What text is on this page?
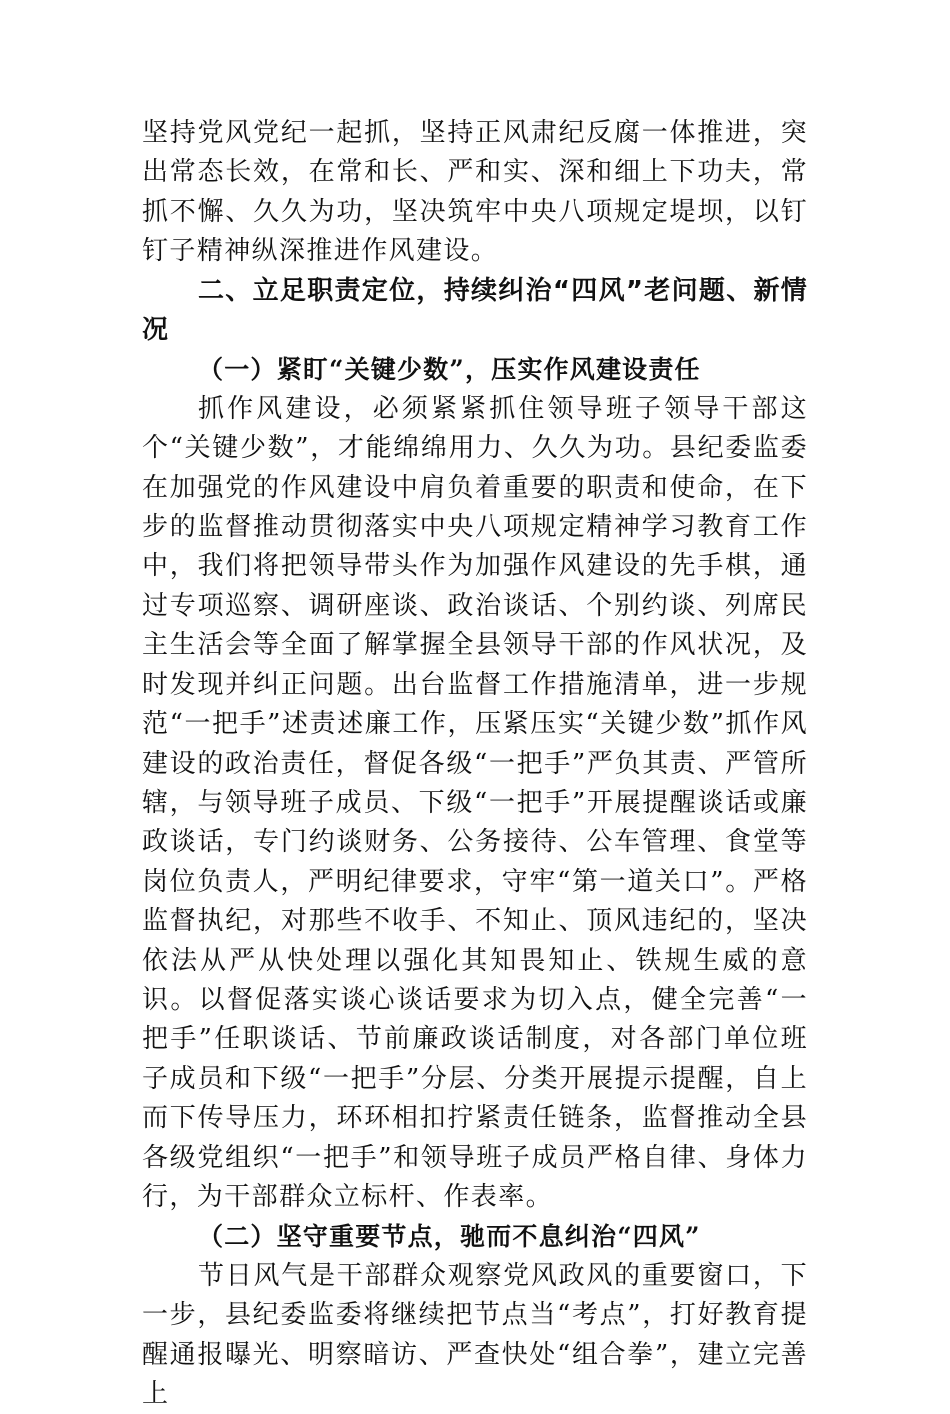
坚持党风党纪一起抓，坚持正风肃纪反腐一体推进，突出常态长效，在常和长、严和实、深和细上下功夫，常抓不懈、久久为功，坚决筑牢中央八项规定堤坝，以钉钉子精神纵深推进作风建设。

二、立足职责定位，持续纠治“四风”老问题、新情况

（一）紧盯“关键少数”，压实作风建设责任

抓作风建设，必须紧紧抓住领导班子领导干部这个“关键少数”，才能绵绵用力、久久为功。县纪委监委在加强党的作风建设中肩负着重要的职责和使命，在下步的监督推动贯彻落实中央八项规定精神学习教育工作中，我们将把领导带头作为加强作风建设的先手棋，通过专项巡察、调研座谈、政治谈话、个别约谈、列席民主生活会等全面了解掌握全县领导干部的作风状况，及时发现并纠正问题。出台监督工作措施清单，进一步规范“一把手”述责述廉工作，压紧压实“关键少数”抓作风建设的政治责任，督促各级“一把手”严负其责、严管所辖，与领导班子成员、下级“一把手”开展提醒谈话或廉政谈话，专门约谈财务、公务接待、公车管理、食堂等岗位负责人，严明纪律要求，守牢“第一道关口”。严格监督执纪，对那些不收手、不知止、顶风违纪的，坚决依法从严从快处理以强化其知畏知止、铁规生威的意识。以督促落实谈心谈话要求为切入点，健全完善“一把手”任职谈话、节前廉政谈话制度，对各部门单位班子成员和下级“一把手”分层、分类开展提示提醒，自上而下传导压力，环环相扣拧紧责任链条，监督推动全县各级党组织“一把手”和领导班子成员严格自律、身体力行，为干部群众立标杆、作表率。

（二）坚守重要节点，驰而不息纠治“四风”

节日风气是干部群众观察党风政风的重要窗口，下一步，县纪委监委将继续把节点当“考点”，打好教育提醒通报曝光、明察暗访、严查快处“组合拳”，建立完善上
